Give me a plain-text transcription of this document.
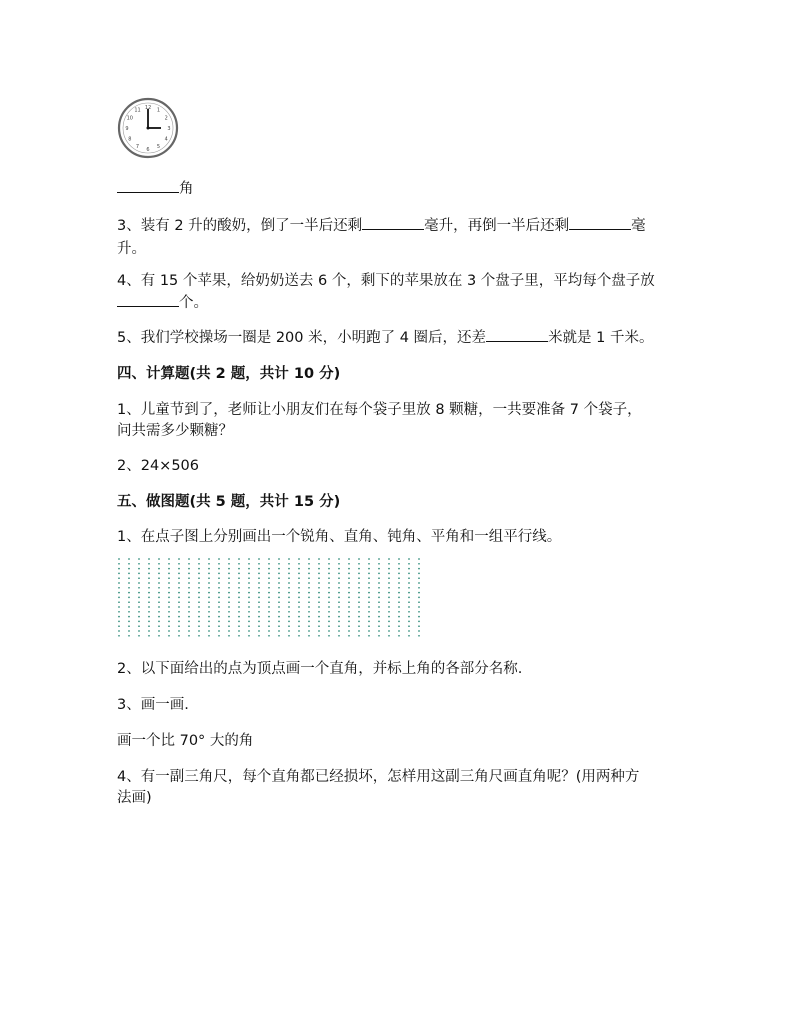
12 1
2
3
4
5
6
7
8
9
10
11
角
3、装有 2 升的酸奶，倒了一半后还剩	毫升，再倒一半后还剩	毫
升。
4、有 15 个苹果，给奶奶送去 6 个，剩下的苹果放在 3 个盘子里，平均每个盘子放
个。
5、我们学校操场一圈是 200 米，小明跑了 4 圈后，还差	米就是 1 千米。
四、计算题(共 2 题，共计 10 分)
1、儿童节到了，老师让小朋友们在每个袋子里放 8 颗糖，一共要准备 7 个袋子，
问共需多少颗糖？
2、24×506
五、做图题(共 5 题，共计 15 分)
1、在点子图上分别画出一个锐角、直角、钝角、平角和一组平行线。
2、以下面给出的点为顶点画一个直角，并标上角的各部分名称.
3、画一画.
画一个比 70° 大的角
4、有一副三角尺，每个直角都已经损坏，怎样用这副三角尺画直角呢？(用两种方
法画)
